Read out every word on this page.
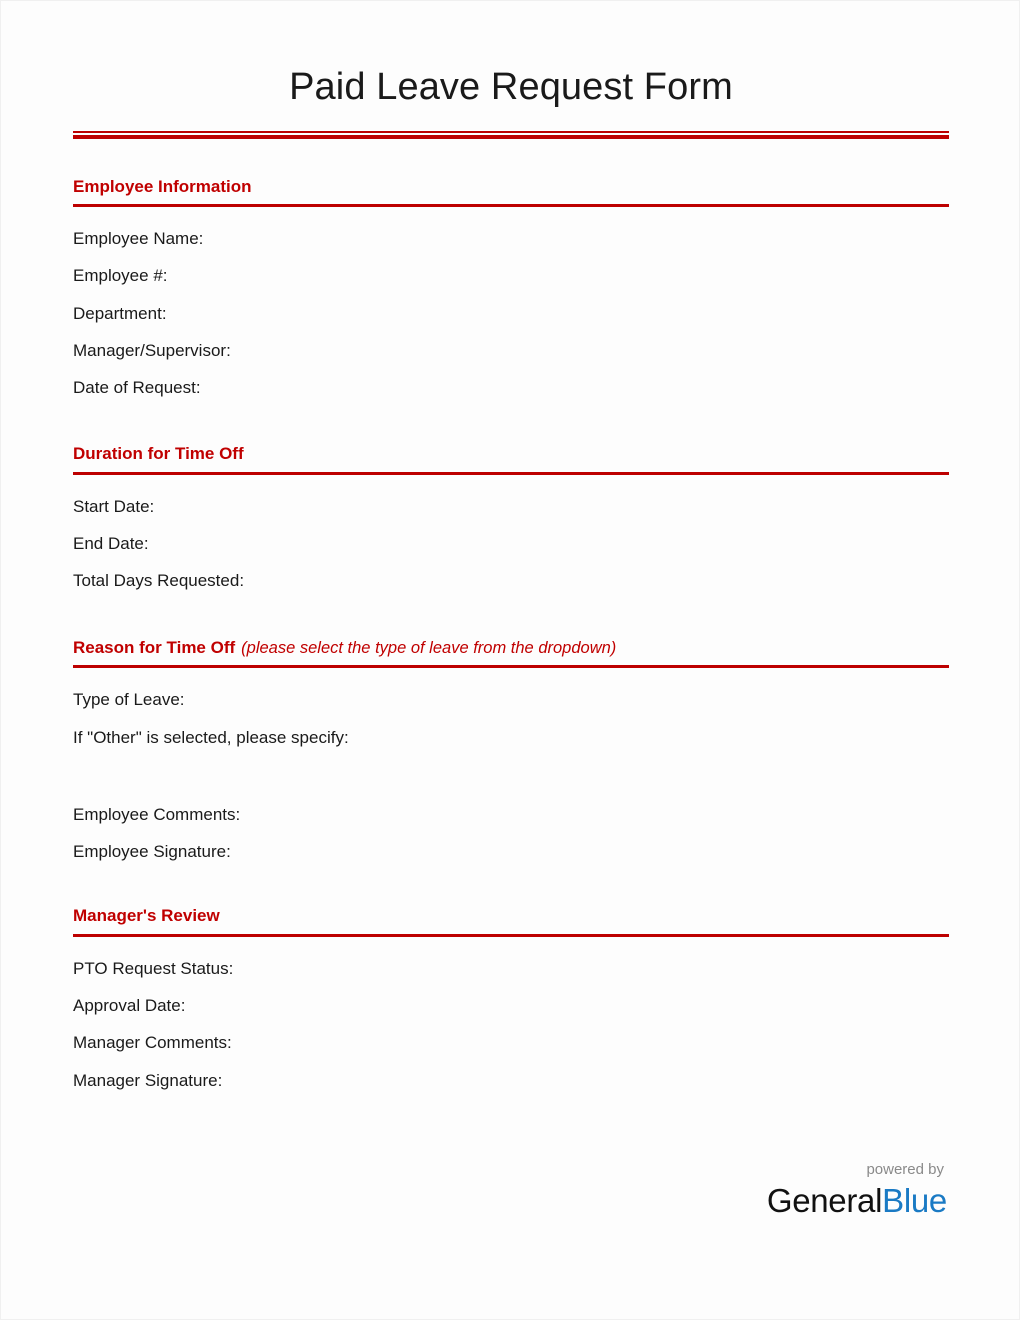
Paid Leave Request Form
Employee Information
Employee Name:
Employee #:
Department:
Manager/Supervisor:
Date of Request:
Duration for Time Off
Start Date:
End Date:
Total Days Requested:
Reason for Time Off (please select the type of leave from the dropdown)
Type of Leave:
If "Other" is selected, please specify:
Employee Comments:
Employee Signature:
Manager's Review
PTO Request Status:
Approval Date:
Manager Comments:
Manager Signature:
powered by
GeneralBlue
